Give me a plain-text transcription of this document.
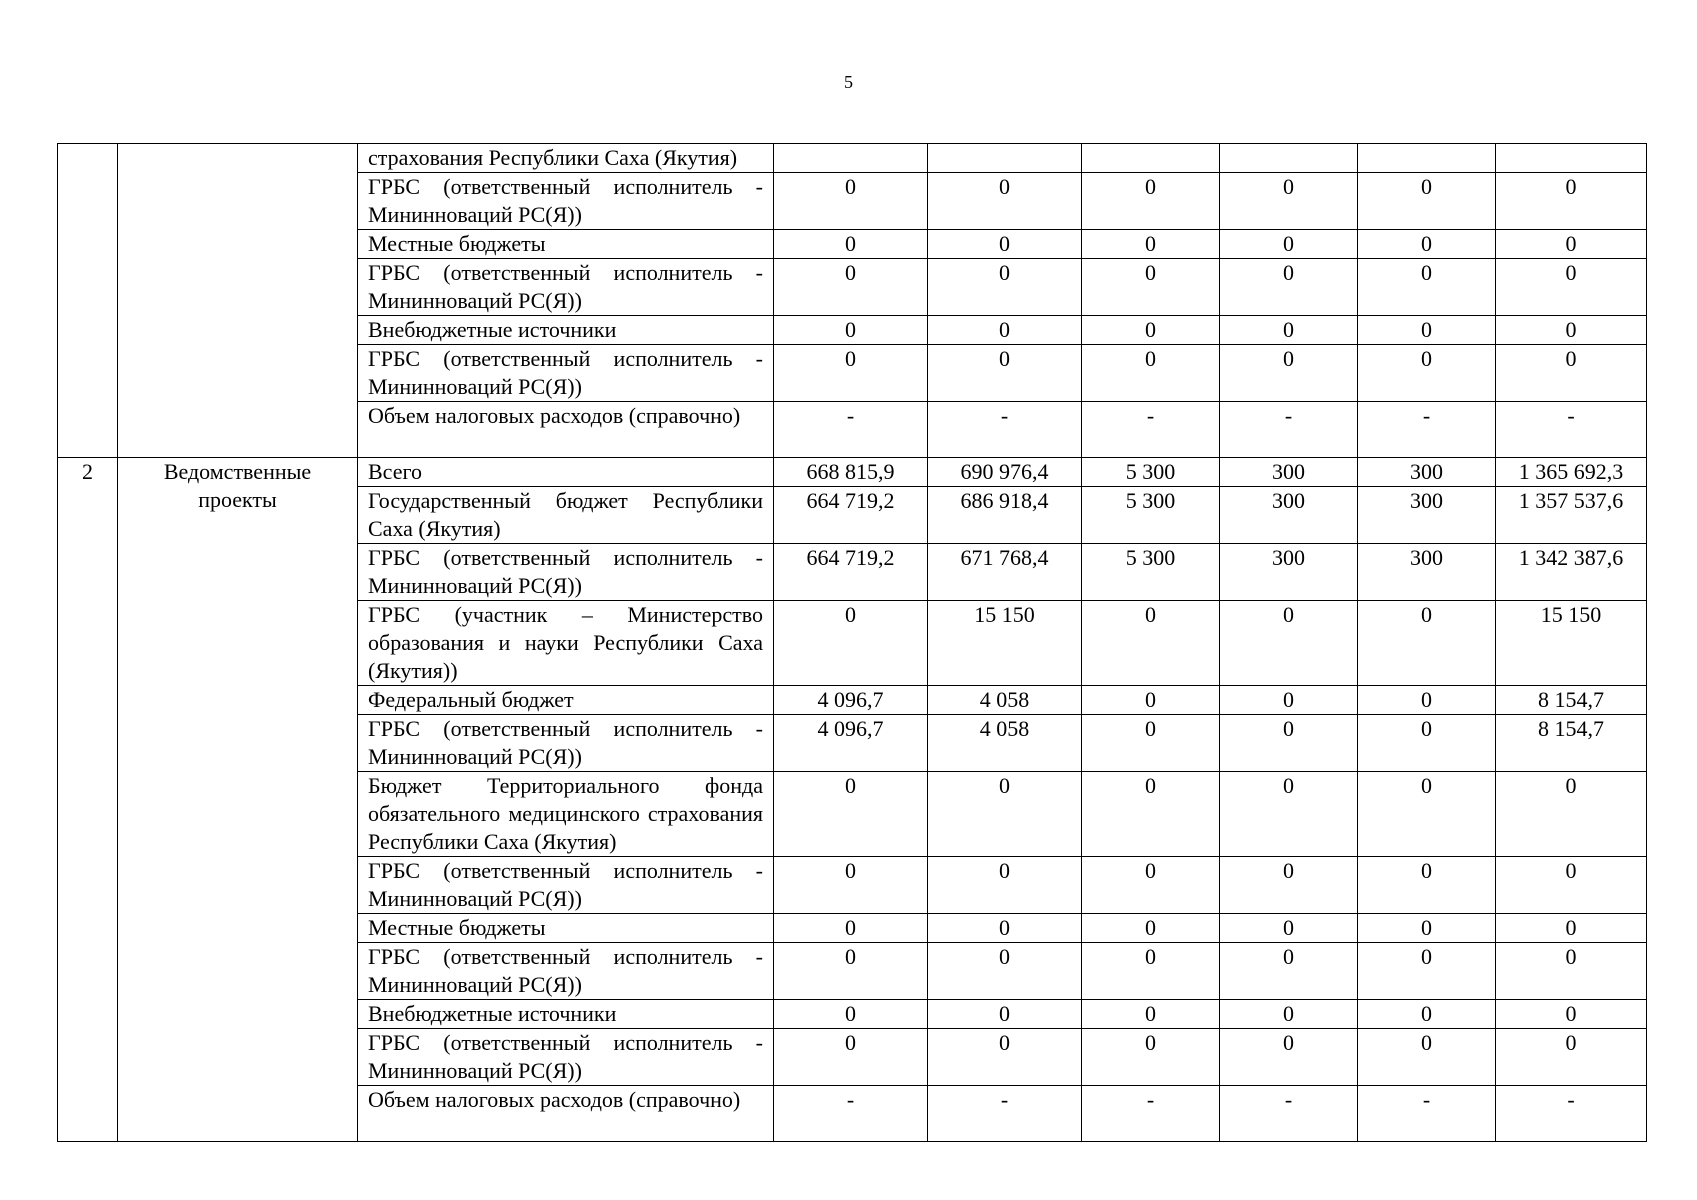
5
		страхования Республики Саха (Якутия)						
		ГРБС (ответственный исполнитель - Мининноваций РС(Я))	0	0	0	0	0	0
		Местные бюджеты	0	0	0	0	0	0
		ГРБС (ответственный исполнитель - Мининноваций РС(Я))	0	0	0	0	0	0
		Внебюджетные источники	0	0	0	0	0	0
		ГРБС (ответственный исполнитель - Мининноваций РС(Я))	0	0	0	0	0	0
		Объем налоговых расходов (справочно)	-	-	-	-	-	-
2	Ведомственные проекты	Всего	668 815,9	690 976,4	5 300	300	300	1 365 692,3
		Государственный бюджет Республики Саха (Якутия)	664 719,2	686 918,4	5 300	300	300	1 357 537,6
		ГРБС (ответственный исполнитель - Мининноваций РС(Я))	664 719,2	671 768,4	5 300	300	300	1 342 387,6
		ГРБС (участник – Министерство образования и науки Республики Саха (Якутия))	0	15 150	0	0	0	15 150
		Федеральный бюджет	4 096,7	4 058	0	0	0	8 154,7
		ГРБС (ответственный исполнитель - Мининноваций РС(Я))	4 096,7	4 058	0	0	0	8 154,7
		Бюджет Территориального фонда обязательного медицинского страхования Республики Саха (Якутия)	0	0	0	0	0	0
		ГРБС (ответственный исполнитель - Мининноваций РС(Я))	0	0	0	0	0	0
		Местные бюджеты	0	0	0	0	0	0
		ГРБС (ответственный исполнитель - Мининноваций РС(Я))	0	0	0	0	0	0
		Внебюджетные источники	0	0	0	0	0	0
		ГРБС (ответственный исполнитель - Мининноваций РС(Я))	0	0	0	0	0	0
		Объем налоговых расходов (справочно)	-	-	-	-	-	-
